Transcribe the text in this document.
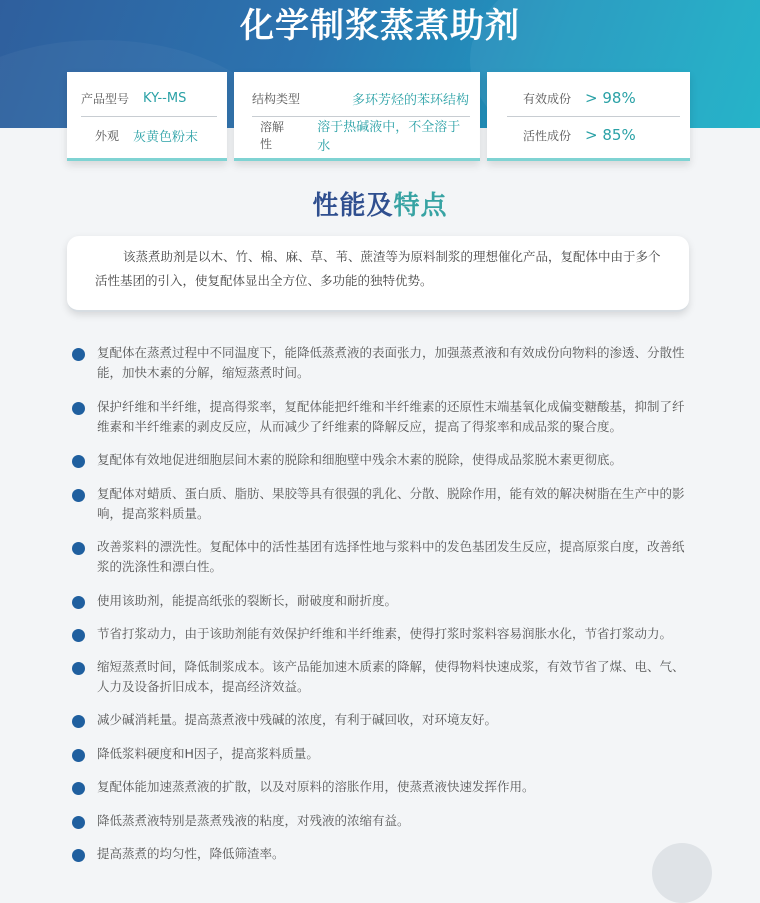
化学制浆蒸煮助剂
产品型号 KY--MS
外观 灰黄色粉末
结构类型	多环芳烃的苯环结构
溶解性
溶于热碱液中，不全溶于水
有效成份 > 98%
活性成份 > 85%
性能及特点

该蒸煮助剂是以木、竹、棉、麻、草、苇、蔗渣等为原料制浆的理想催化产品，复配体中由于多个活性基团的引入，使复配体显出全方位、多功能的独特优势。

复配体在蒸煮过程中不同温度下，能降低蒸煮液的表面张力，加强蒸煮液和有效成份向物料的渗透、分散性能，加快木素的分解，缩短蒸煮时间。

保护纤维和半纤维，提高得浆率，复配体能把纤维和半纤维素的还原性末端基氧化成偏变糖酸基，抑制了纤维素和半纤维素的剥皮反应，从而减少了纤维素的降解反应，提高了得浆率和成品浆的聚合度。

复配体有效地促进细胞层间木素的脱除和细胞壁中残余木素的脱除，使得成品浆脱木素更彻底。

复配体对蜡质、蛋白质、脂肪、果胶等具有很强的乳化、分散、脱除作用，能有效的解决树脂在生产中的影响，提高浆料质量。

改善浆料的漂洗性。复配体中的活性基团有选择性地与浆料中的发色基团发生反应，提高原浆白度，改善纸浆的洗涤性和漂白性。

使用该助剂，能提高纸张的裂断长，耐破度和耐折度。

节省打浆动力，由于该助剂能有效保护纤维和半纤维素，使得打浆时浆料容易润胀水化，节省打浆动力。

缩短蒸煮时间，降低制浆成本。该产品能加速木质素的降解，使得物料快速成浆，有效节省了煤、电、气、人力及设备折旧成本，提高经济效益。

减少碱消耗量。提高蒸煮液中残碱的浓度，有利于碱回收，对环境友好。

降低浆料硬度和H因子，提高浆料质量。

复配体能加速蒸煮液的扩散，以及对原料的溶胀作用，使蒸煮液快速发挥作用。

降低蒸煮液特别是蒸煮残液的粘度，对残液的浓缩有益。

提高蒸煮的均匀性，降低筛渣率。
